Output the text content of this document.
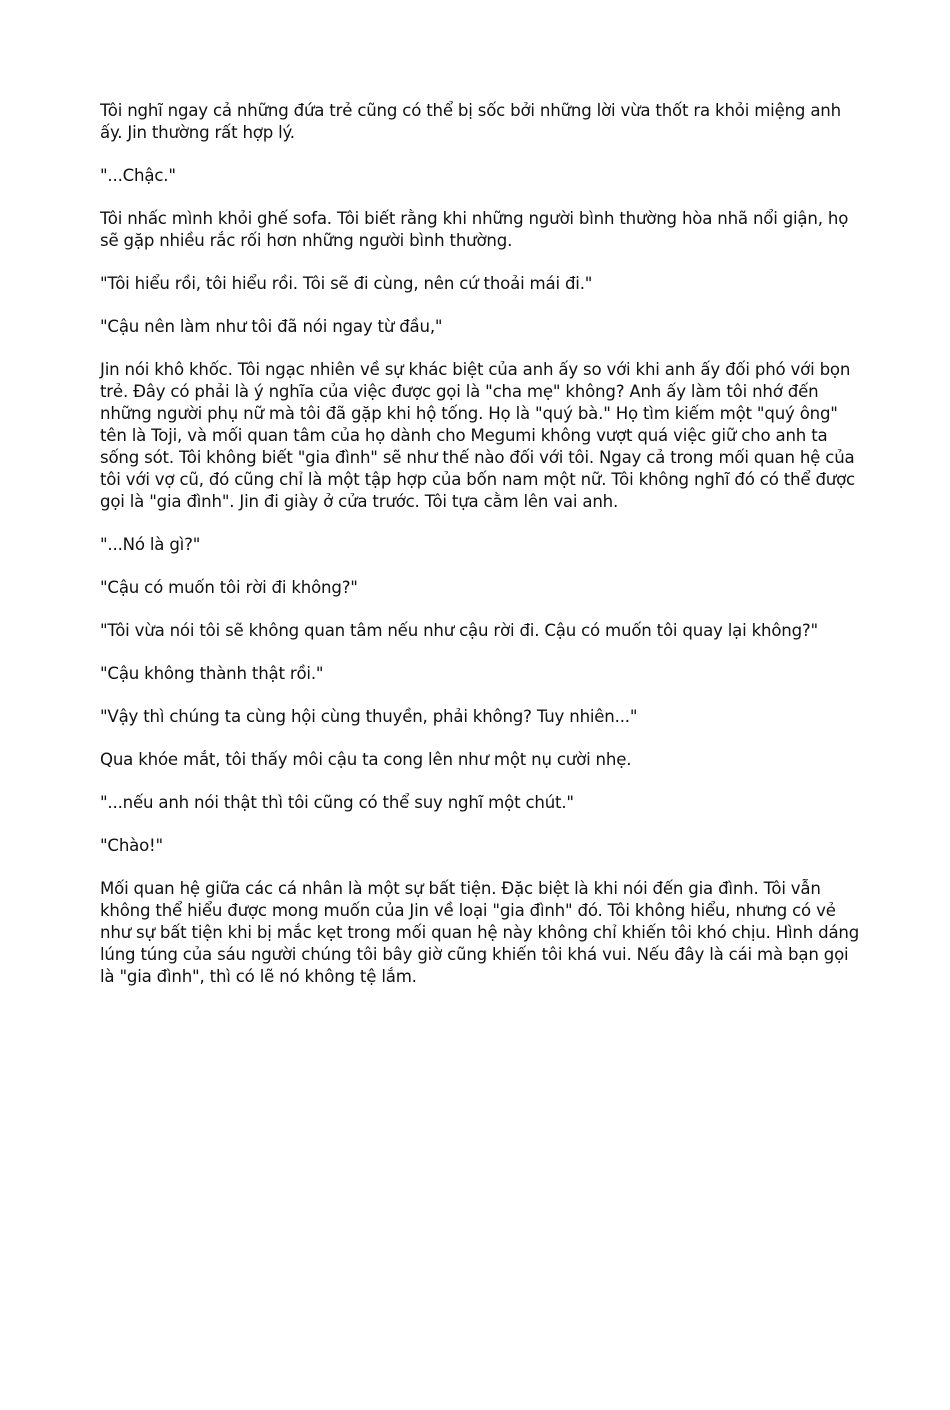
Tôi nghĩ ngay cả những đứa trẻ cũng có thể bị sốc bởi những lời vừa thốt ra khỏi miệng anh ấy. Jin thường rất hợp lý.

"...Chậc."

Tôi nhấc mình khỏi ghế sofa. Tôi biết rằng khi những người bình thường hòa nhã nổi giận, họ sẽ gặp nhiều rắc rối hơn những người bình thường.

"Tôi hiểu rồi, tôi hiểu rồi. Tôi sẽ đi cùng, nên cứ thoải mái đi."

"Cậu nên làm như tôi đã nói ngay từ đầu,"

Jin nói khô khốc. Tôi ngạc nhiên về sự khác biệt của anh ấy so với khi anh ấy đối phó với bọn trẻ. Đây có phải là ý nghĩa của việc được gọi là "cha mẹ" không? Anh ấy làm tôi nhớ đến những người phụ nữ mà tôi đã gặp khi hộ tống. Họ là "quý bà." Họ tìm kiếm một "quý ông" tên là Toji, và mối quan tâm của họ dành cho Megumi không vượt quá việc giữ cho anh ta sống sót. Tôi không biết "gia đình" sẽ như thế nào đối với tôi. Ngay cả trong mối quan hệ của tôi với vợ cũ, đó cũng chỉ là một tập hợp của bốn nam một nữ. Tôi không nghĩ đó có thể được gọi là "gia đình". Jin đi giày ở cửa trước. Tôi tựa cằm lên vai anh.

"...Nó là gì?"

"Cậu có muốn tôi rời đi không?"

"Tôi vừa nói tôi sẽ không quan tâm nếu như cậu rời đi. Cậu có muốn tôi quay lại không?"

"Cậu không thành thật rồi."

"Vậy thì chúng ta cùng hội cùng thuyền, phải không? Tuy nhiên..."

Qua khóe mắt, tôi thấy môi cậu ta cong lên như một nụ cười nhẹ.

"...nếu anh nói thật thì tôi cũng có thể suy nghĩ một chút."

"Chào!"

Mối quan hệ giữa các cá nhân là một sự bất tiện. Đặc biệt là khi nói đến gia đình. Tôi vẫn không thể hiểu được mong muốn của Jin về loại "gia đình" đó. Tôi không hiểu, nhưng có vẻ như sự bất tiện khi bị mắc kẹt trong mối quan hệ này không chỉ khiến tôi khó chịu. Hình dáng lúng túng của sáu người chúng tôi bây giờ cũng khiến tôi khá vui. Nếu đây là cái mà bạn gọi là "gia đình", thì có lẽ nó không tệ lắm.
